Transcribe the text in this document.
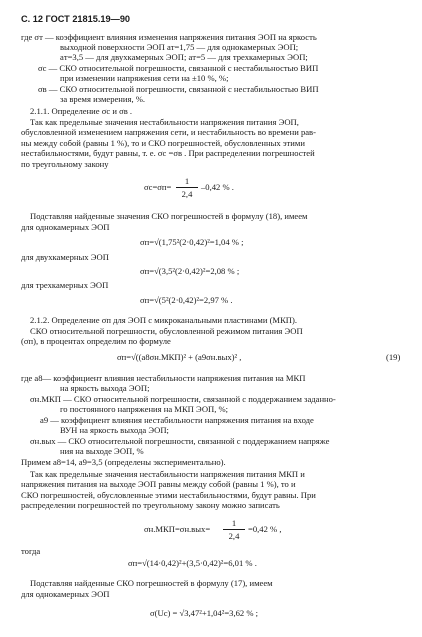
С. 12 ГОСТ 21815.19—90
где σт — коэффициент влияния изменения напряжения питания ЭОП на яркость
выходной поверхности ЭОП aт=1,75 — для однокамерных ЭОП;
aт=3,5 — для двухкамерных ЭОП; aт=5 — для трехкамерных ЭОП;
σc — СКО относительной погрешности, связанной с нестабильностью ВИП
при изменении напряжения сети на ±10 %, %;
σв — СКО относительной погрешности, связанной с нестабильностью ВИП
за время измерения, %.
2.1.1. Определение σc и σв .
Так как предельные значения нестабильности напряжения питания ЭОП,
обусловленной изменением напряжения сети, и нестабильность во времени рав-
ны между собой (равны 1 %), то и СКО погрешностей, обусловленных этими
нестабильностями, будут равны, т. е. σc =σв . При распределении погрешностей
по треугольному закону
σc=σп=
1
2,4
–0,42 % .
Подставляя найденные значения СКО погрешностей в формулу (18), имеем
для однокамерных ЭОП
σп=√(1,75²(2·0,42)²=1,04 % ;
для двухкамерных ЭОП
σп=√(3,5²(2·0,42)²=2,08 % ;
для трехкамерных ЭОП
σп=√(5²(2·0,42)²=2,97 % .
2.1.2. Определение σп для ЭОП с микроканальными пластинами (МКП).
СКО относительной погрешности, обусловленной режимом питания ЭОП
(σп), в процентах определим по формуле
σп=√((a8σн.МКП)² + (a9σн.вых)² ,	(19)
где a8— коэффициент влияния нестабильности напряжения питания на МКП
на яркость выхода ЭОП;
σн.МКП — СКО относительной погрешности, связанной с поддержанием заданно-
го постоянного напряжения на МКП ЭОП, %;
a9 — коэффициент влияния нестабильности напряжения питания на входе
ВУН на яркость выхода ЭОП;
σн.вых — СКО относительной погрешности, связанной с поддержанием напряже
ния на выходе ЭОП, %
Примем a8=14, a9=3,5 (определены экспериментально).
Так как предельные значения нестабильности напряжения питания МКП и
напряжения питания на выходе ЭОП равны между собой (равны 1 %), то и
СКО погрешностей, обусловленные этими нестабильностями, будут равны. При
распределении погрешностей по треугольному закону можно записать
σн.МКП=σн.вых=
1
2,4
=0,42 % ,
тогда
σп=√(14·0,42)²+(3,5·0,42)²=6,01 % .
Подставляя найденные СКО погрешностей в формулу (17), имеем
для однокамерных ЭОП
σ(Uc) = √3,47²+1,04²=3,62 % ;
